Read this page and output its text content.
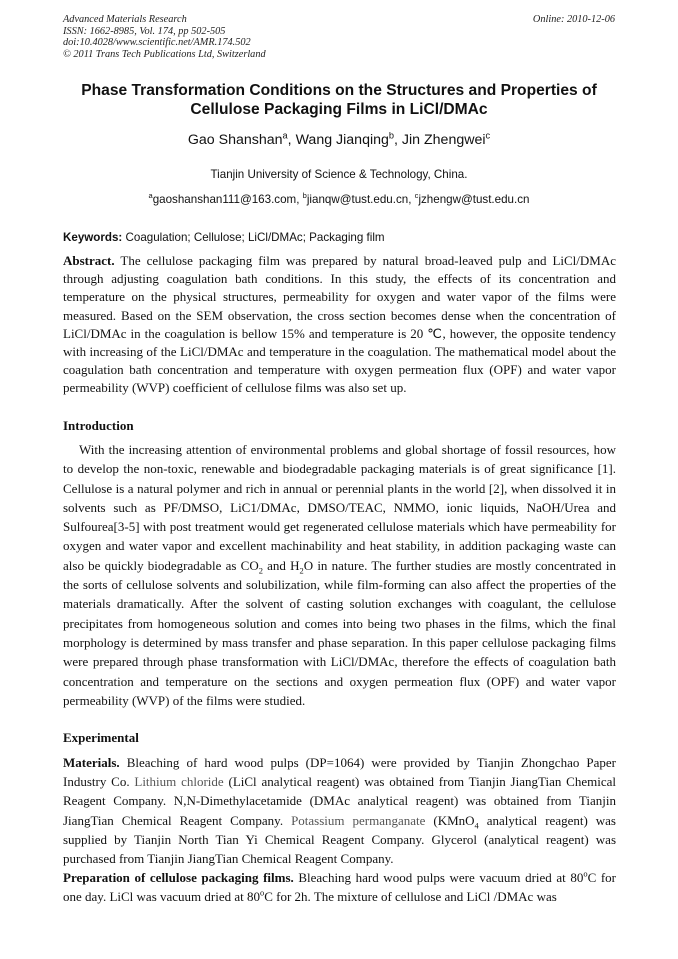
Advanced Materials Research
ISSN: 1662-8985, Vol. 174, pp 502-505
doi:10.4028/www.scientific.net/AMR.174.502
© 2011 Trans Tech Publications Ltd, Switzerland
Online: 2010-12-06
Phase Transformation Conditions on the Structures and Properties of
Cellulose Packaging Films in LiCl/DMAc
Gao Shanshan$^a$, Wang Jianqing$^b$, Jin Zhengwei$^c$
Tianjin University of Science & Technology, China.
$^a$gaoshanshan111@163.com, $^b$jianqw@tust.edu.cn, $^c$jzhengw@tust.edu.cn
Keywords: Coagulation; Cellulose; LiCl/DMAc; Packaging film
Abstract. The cellulose packaging film was prepared by natural broad-leaved pulp and LiCl/DMAc through adjusting coagulation bath conditions. In this study, the effects of its concentration and temperature on the physical structures, permeability for oxygen and water vapor of the films were measured. Based on the SEM observation, the cross section becomes dense when the concentration of LiCl/DMAc in the coagulation is bellow 15% and temperature is 20 ℃, however, the opposite tendency with increasing of the LiCl/DMAc and temperature in the coagulation. The mathematical model about the coagulation bath concentration and temperature with oxygen permeation flux (OPF) and water vapor permeability (WVP) coefficient of cellulose films was also set up.
Introduction
With the increasing attention of environmental problems and global shortage of fossil resources, how to develop the non-toxic, renewable and biodegradable packaging materials is of great significance [1]. Cellulose is a natural polymer and rich in annual or perennial plants in the world [2], when dissolved it in solvents such as PF/DMSO, LiC1/DMAc, DMSO/TEAC, NMMO, ionic liquids, NaOH/Urea and Sulfourea[3-5] with post treatment would get regenerated cellulose materials which have permeability for oxygen and water vapor and excellent machinability and heat stability, in addition packaging waste can also be quickly biodegradable as $CO_2$ and $H_2O$ in nature. The further studies are mostly concentrated in the sorts of cellulose solvents and solubilization, while film-forming can also affect the properties of the materials dramatically. After the solvent of casting solution exchanges with coagulant, the cellulose precipitates from homogeneous solution and comes into being two phases in the films, which the final morphology is determined by mass transfer and phase separation. In this paper cellulose packaging films were prepared through phase transformation with LiCl/DMAc, therefore the effects of coagulation bath concentration and temperature on the sections and oxygen permeation flux (OPF) and water vapor permeability (WVP) of the films were studied.
Experimental
Materials. Bleaching of hard wood pulps (DP=1064) were provided by Tianjin Zhongchao Paper Industry Co. Lithium chloride (LiCl analytical reagent) was obtained from Tianjin JiangTian Chemical Reagent Company. N,N-Dimethylacetamide (DMAc analytical reagent) was obtained from Tianjin JiangTian Chemical Reagent Company. Potassium permanganate (KMnO$_4$ analytical reagent) was supplied by Tianjin North Tian Yi Chemical Reagent Company. Glycerol (analytical reagent) was purchased from Tianjin JiangTian Chemical Reagent Company.
Preparation of cellulose packaging films. Bleaching hard wood pulps were vacuum dried at 80$^o$C for one day. LiCl was vacuum dried at 80$^o$C for 2h. The mixture of cellulose and LiCl /DMAc was
